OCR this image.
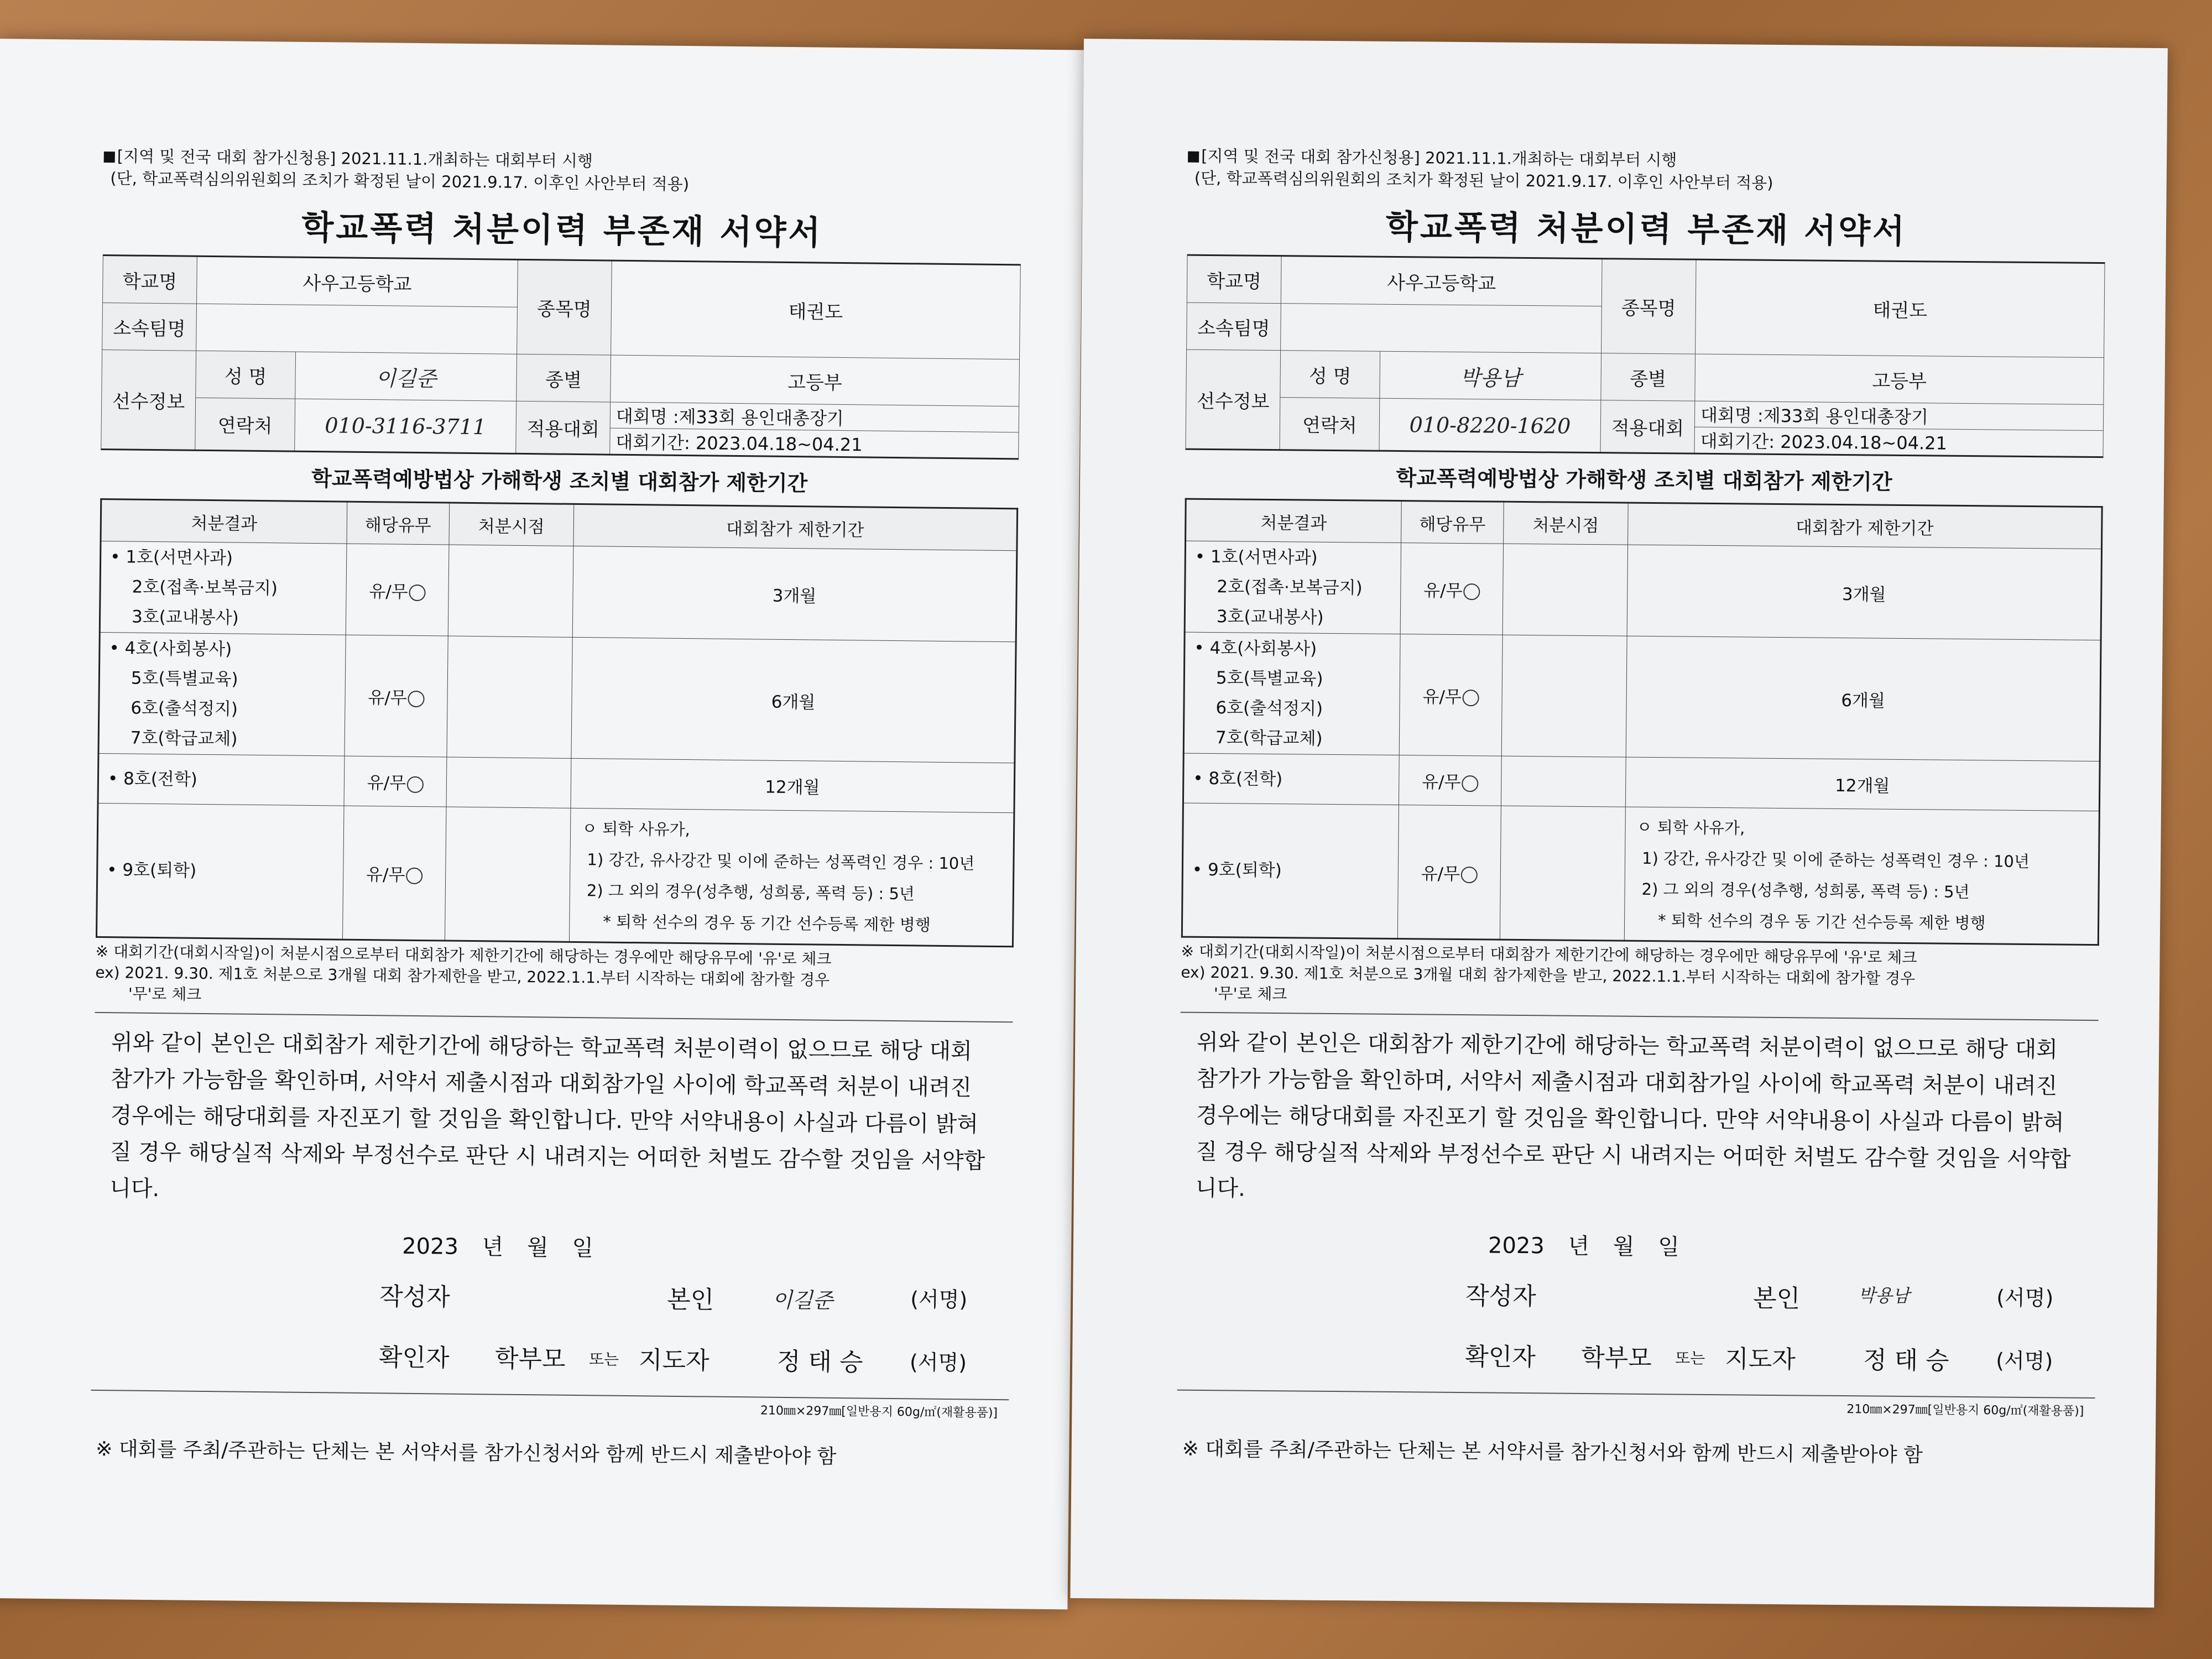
[지역 및 전국 대회 참가신청용] 2021.11.1.개최하는 대회부터 시행

(단, 학교폭력심의위원회의 조치가 확정된 날이 2021.9.17. 이후인 사안부터 적용)

학교폭력 처분이력 부존재 서약서
학교명	사우고등학교		종목명	태권도
소속팀명				
선수정보	성 명	이길준	종별	고등부
	연락처	010-3116-3711	적용대회	대회명 :제33회 용인대총장기
				대회기간: 2023.04.18~04.21
학교폭력예방법상 가해학생 조치별 대회참가 제한기간
처분결과	해당유무	처분시점	대회참가 제한기간

• 1호(서면사과)
2호(접촉·보복금지)
3호(교내봉사)	유/무		3개월

• 4호(사회봉사)
5호(특별교육)
6호(출석정지)
7호(학급교체)	유/무		6개월
• 8호(전학)	유/무		12개월
• 9호(퇴학)	유/무		ㅇ 퇴학 사유가,
1) 강간, 유사강간 및 이에 준하는 성폭력인 경우 : 10년
2) 그 외의 경우(성추행, 성희롱, 폭력 등) : 5년
* 퇴학 선수의 경우 동 기간 선수등록 제한 병행

※ 대회기간(대회시작일)이 처분시점으로부터 대회참가 제한기간에 해당하는 경우에만 해당유무에 '유'로 체크

ex) 2021. 9.30. 제1호 처분으로 3개월 대회 참가제한을 받고, 2022.1.1.부터 시작하는 대회에 참가할 경우

'무'로 체크

위와 같이 본인은 대회참가 제한기간에 해당하는 학교폭력 처분이력이 없으므로 해당 대회 참가가 가능함을 확인하며, 서약서 제출시점과 대회참가일 사이에 학교폭력 처분이 내려진 경우에는 해당대회를 자진포기 할 것임을 확인합니다. 만약 서약내용이 사실과 다름이 밝혀질 경우 해당실적 삭제와 부정선수로 판단 시 내려지는 어떠한 처벌도 감수할 것임을 서약합니다.
2023 년 월 일
작성자	본인	이길준	(서명)
확인자 학부모 또는 지도자	정 태 승 (서명)
210㎜×297㎜[일반용지 60g/㎡(재활용품)]
※ 대회를 주최/주관하는 단체는 본 서약서를 참가신청서와 함께 반드시 제출받아야 함

[지역 및 전국 대회 참가신청용] 2021.11.1.개최하는 대회부터 시행

(단, 학교폭력심의위원회의 조치가 확정된 날이 2021.9.17. 이후인 사안부터 적용)

학교폭력 처분이력 부존재 서약서
학교명	사우고등학교		종목명	태권도
소속팀명				
선수정보	성 명	박용남	종별	고등부
	연락처	010-8220-1620	적용대회	대회명 :제33회 용인대총장기
				대회기간: 2023.04.18~04.21
학교폭력예방법상 가해학생 조치별 대회참가 제한기간
처분결과	해당유무	처분시점	대회참가 제한기간

• 1호(서면사과)
2호(접촉·보복금지)
3호(교내봉사)	유/무		3개월

• 4호(사회봉사)
5호(특별교육)
6호(출석정지)
7호(학급교체)	유/무		6개월
• 8호(전학)	유/무		12개월
• 9호(퇴학)	유/무		ㅇ 퇴학 사유가,
1) 강간, 유사강간 및 이에 준하는 성폭력인 경우 : 10년
2) 그 외의 경우(성추행, 성희롱, 폭력 등) : 5년
* 퇴학 선수의 경우 동 기간 선수등록 제한 병행

※ 대회기간(대회시작일)이 처분시점으로부터 대회참가 제한기간에 해당하는 경우에만 해당유무에 '유'로 체크

ex) 2021. 9.30. 제1호 처분으로 3개월 대회 참가제한을 받고, 2022.1.1.부터 시작하는 대회에 참가할 경우

'무'로 체크

위와 같이 본인은 대회참가 제한기간에 해당하는 학교폭력 처분이력이 없으므로 해당 대회 참가가 가능함을 확인하며, 서약서 제출시점과 대회참가일 사이에 학교폭력 처분이 내려진 경우에는 해당대회를 자진포기 할 것임을 확인합니다. 만약 서약내용이 사실과 다름이 밝혀질 경우 해당실적 삭제와 부정선수로 판단 시 내려지는 어떠한 처벌도 감수할 것임을 서약합니다.
2023 년 월 일
작성자	본인	박용남	(서명)
확인자 학부모 또는 지도자	정 태 승 (서명)
210㎜×297㎜[일반용지 60g/㎡(재활용품)]
※ 대회를 주최/주관하는 단체는 본 서약서를 참가신청서와 함께 반드시 제출받아야 함
